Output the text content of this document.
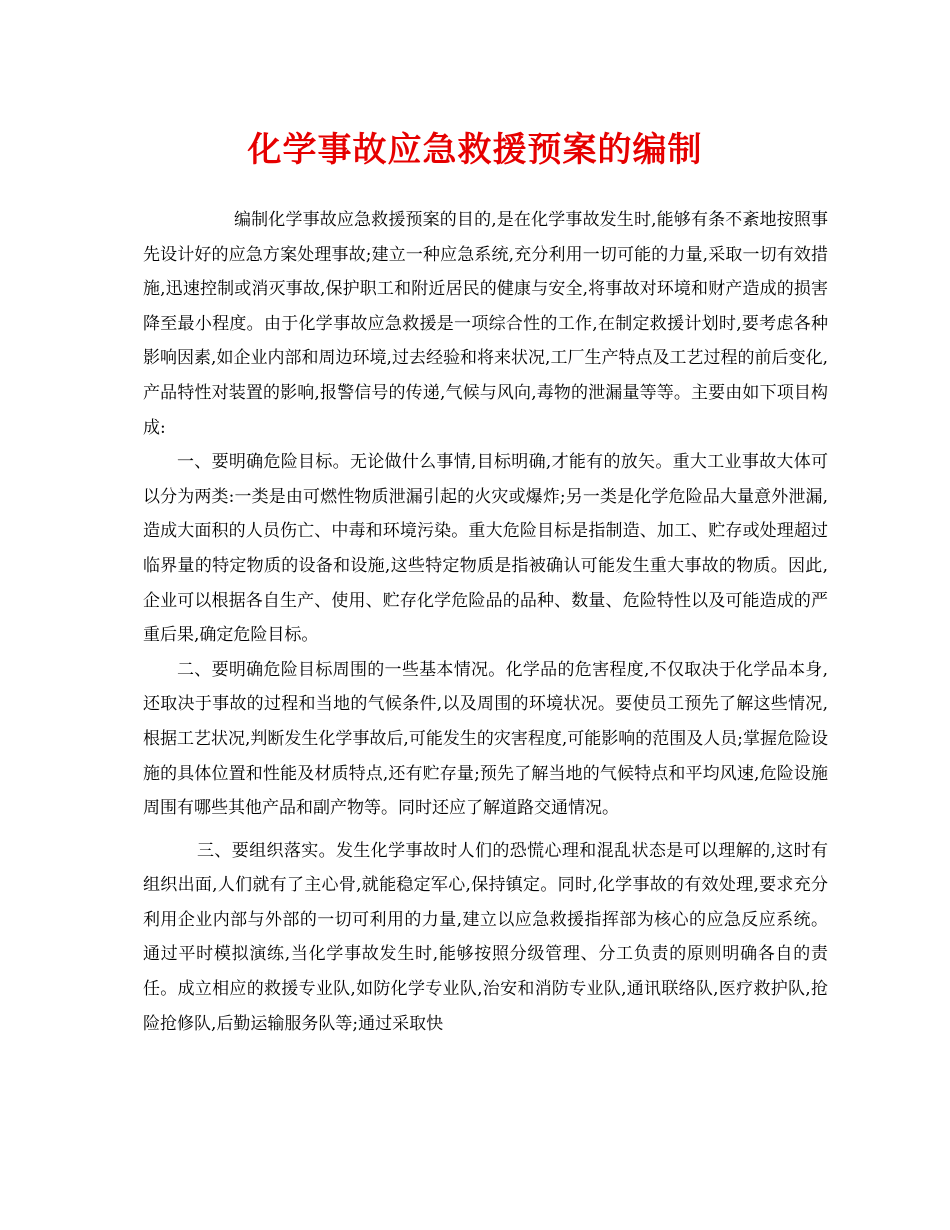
化学事故应急救援预案的编制

编制化学事故应急救援预案的目的,是在化学事故发生时,能够有条不紊地按照事先设计好的应急方案处理事故;建立一种应急系统,充分利用一切可能的力量,采取一切有效措施,迅速控制或消灭事故,保护职工和附近居民的健康与安全,将事故对环境和财产造成的损害降至最小程度。由于化学事故应急救援是一项综合性的工作,在制定救援计划时,要考虑各种影响因素,如企业内部和周边环境,过去经验和将来状况,工厂生产特点及工艺过程的前后变化,产品特性对装置的影响,报警信号的传递,气候与风向,毒物的泄漏量等等。主要由如下项目构成:

一、要明确危险目标。无论做什么事情,目标明确,才能有的放矢。重大工业事故大体可以分为两类:一类是由可燃性物质泄漏引起的火灾或爆炸;另一类是化学危险品大量意外泄漏,造成大面积的人员伤亡、中毒和环境污染。重大危险目标是指制造、加工、贮存或处理超过临界量的特定物质的设备和设施,这些特定物质是指被确认可能发生重大事故的物质。因此,企业可以根据各自生产、使用、贮存化学危险品的品种、数量、危险特性以及可能造成的严重后果,确定危险目标。

二、要明确危险目标周围的一些基本情况。化学品的危害程度,不仅取决于化学品本身,还取决于事故的过程和当地的气候条件,以及周围的环境状况。要使员工预先了解这些情况,根据工艺状况,判断发生化学事故后,可能发生的灾害程度,可能影响的范围及人员;掌握危险设施的具体位置和性能及材质特点,还有贮存量;预先了解当地的气候特点和平均风速,危险设施周围有哪些其他产品和副产物等。同时还应了解道路交通情况。

三、要组织落实。发生化学事故时人们的恐慌心理和混乱状态是可以理解的,这时有组织出面,人们就有了主心骨,就能稳定军心,保持镇定。同时,化学事故的有效处理,要求充分利用企业内部与外部的一切可利用的力量,建立以应急救援指挥部为核心的应急反应系统。通过平时模拟演练,当化学事故发生时,能够按照分级管理、分工负责的原则明确各自的责任。成立相应的救援专业队,如防化学专业队,治安和消防专业队,通讯联络队,医疗救护队,抢险抢修队,后勤运输服务队等;通过采取快
